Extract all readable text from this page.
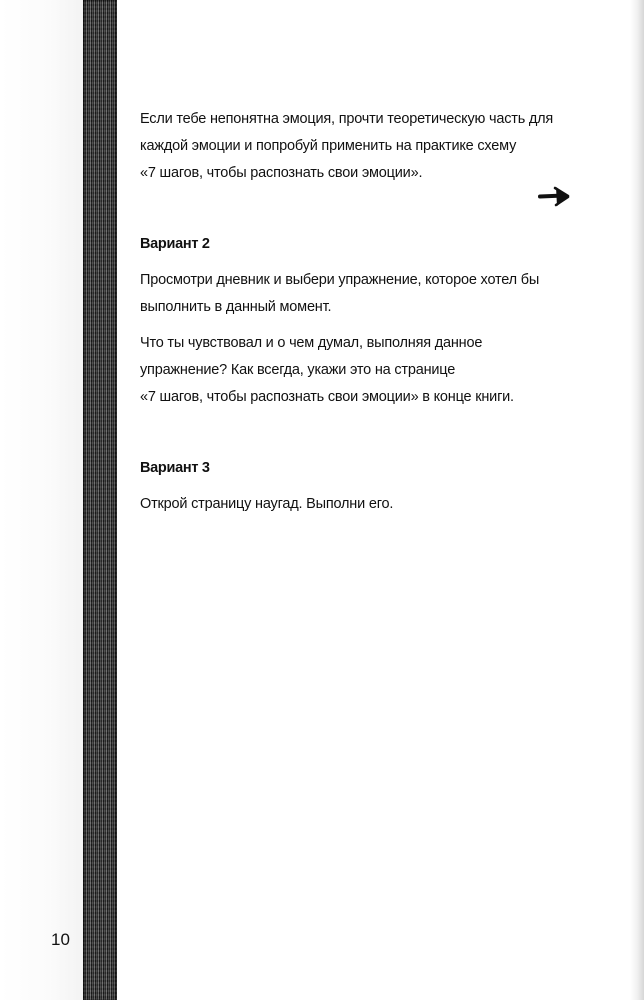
Если тебе непонятна эмоция, прочти теоретическую часть для
каждой эмоции и попробуй применить на практике схему
«7 шагов, чтобы распознать свои эмоции».

Вариант 2

Просмотри дневник и выбери упражнение, которое хотел бы
выполнить в данный момент.

Что ты чувствовал и о чем думал, выполняя данное
упражнение? Как всегда, укажи это на странице
«7 шагов, чтобы распознать свои эмоции» в конце книги.

Вариант 3

Открой страницу наугад. Выполни его.

10
